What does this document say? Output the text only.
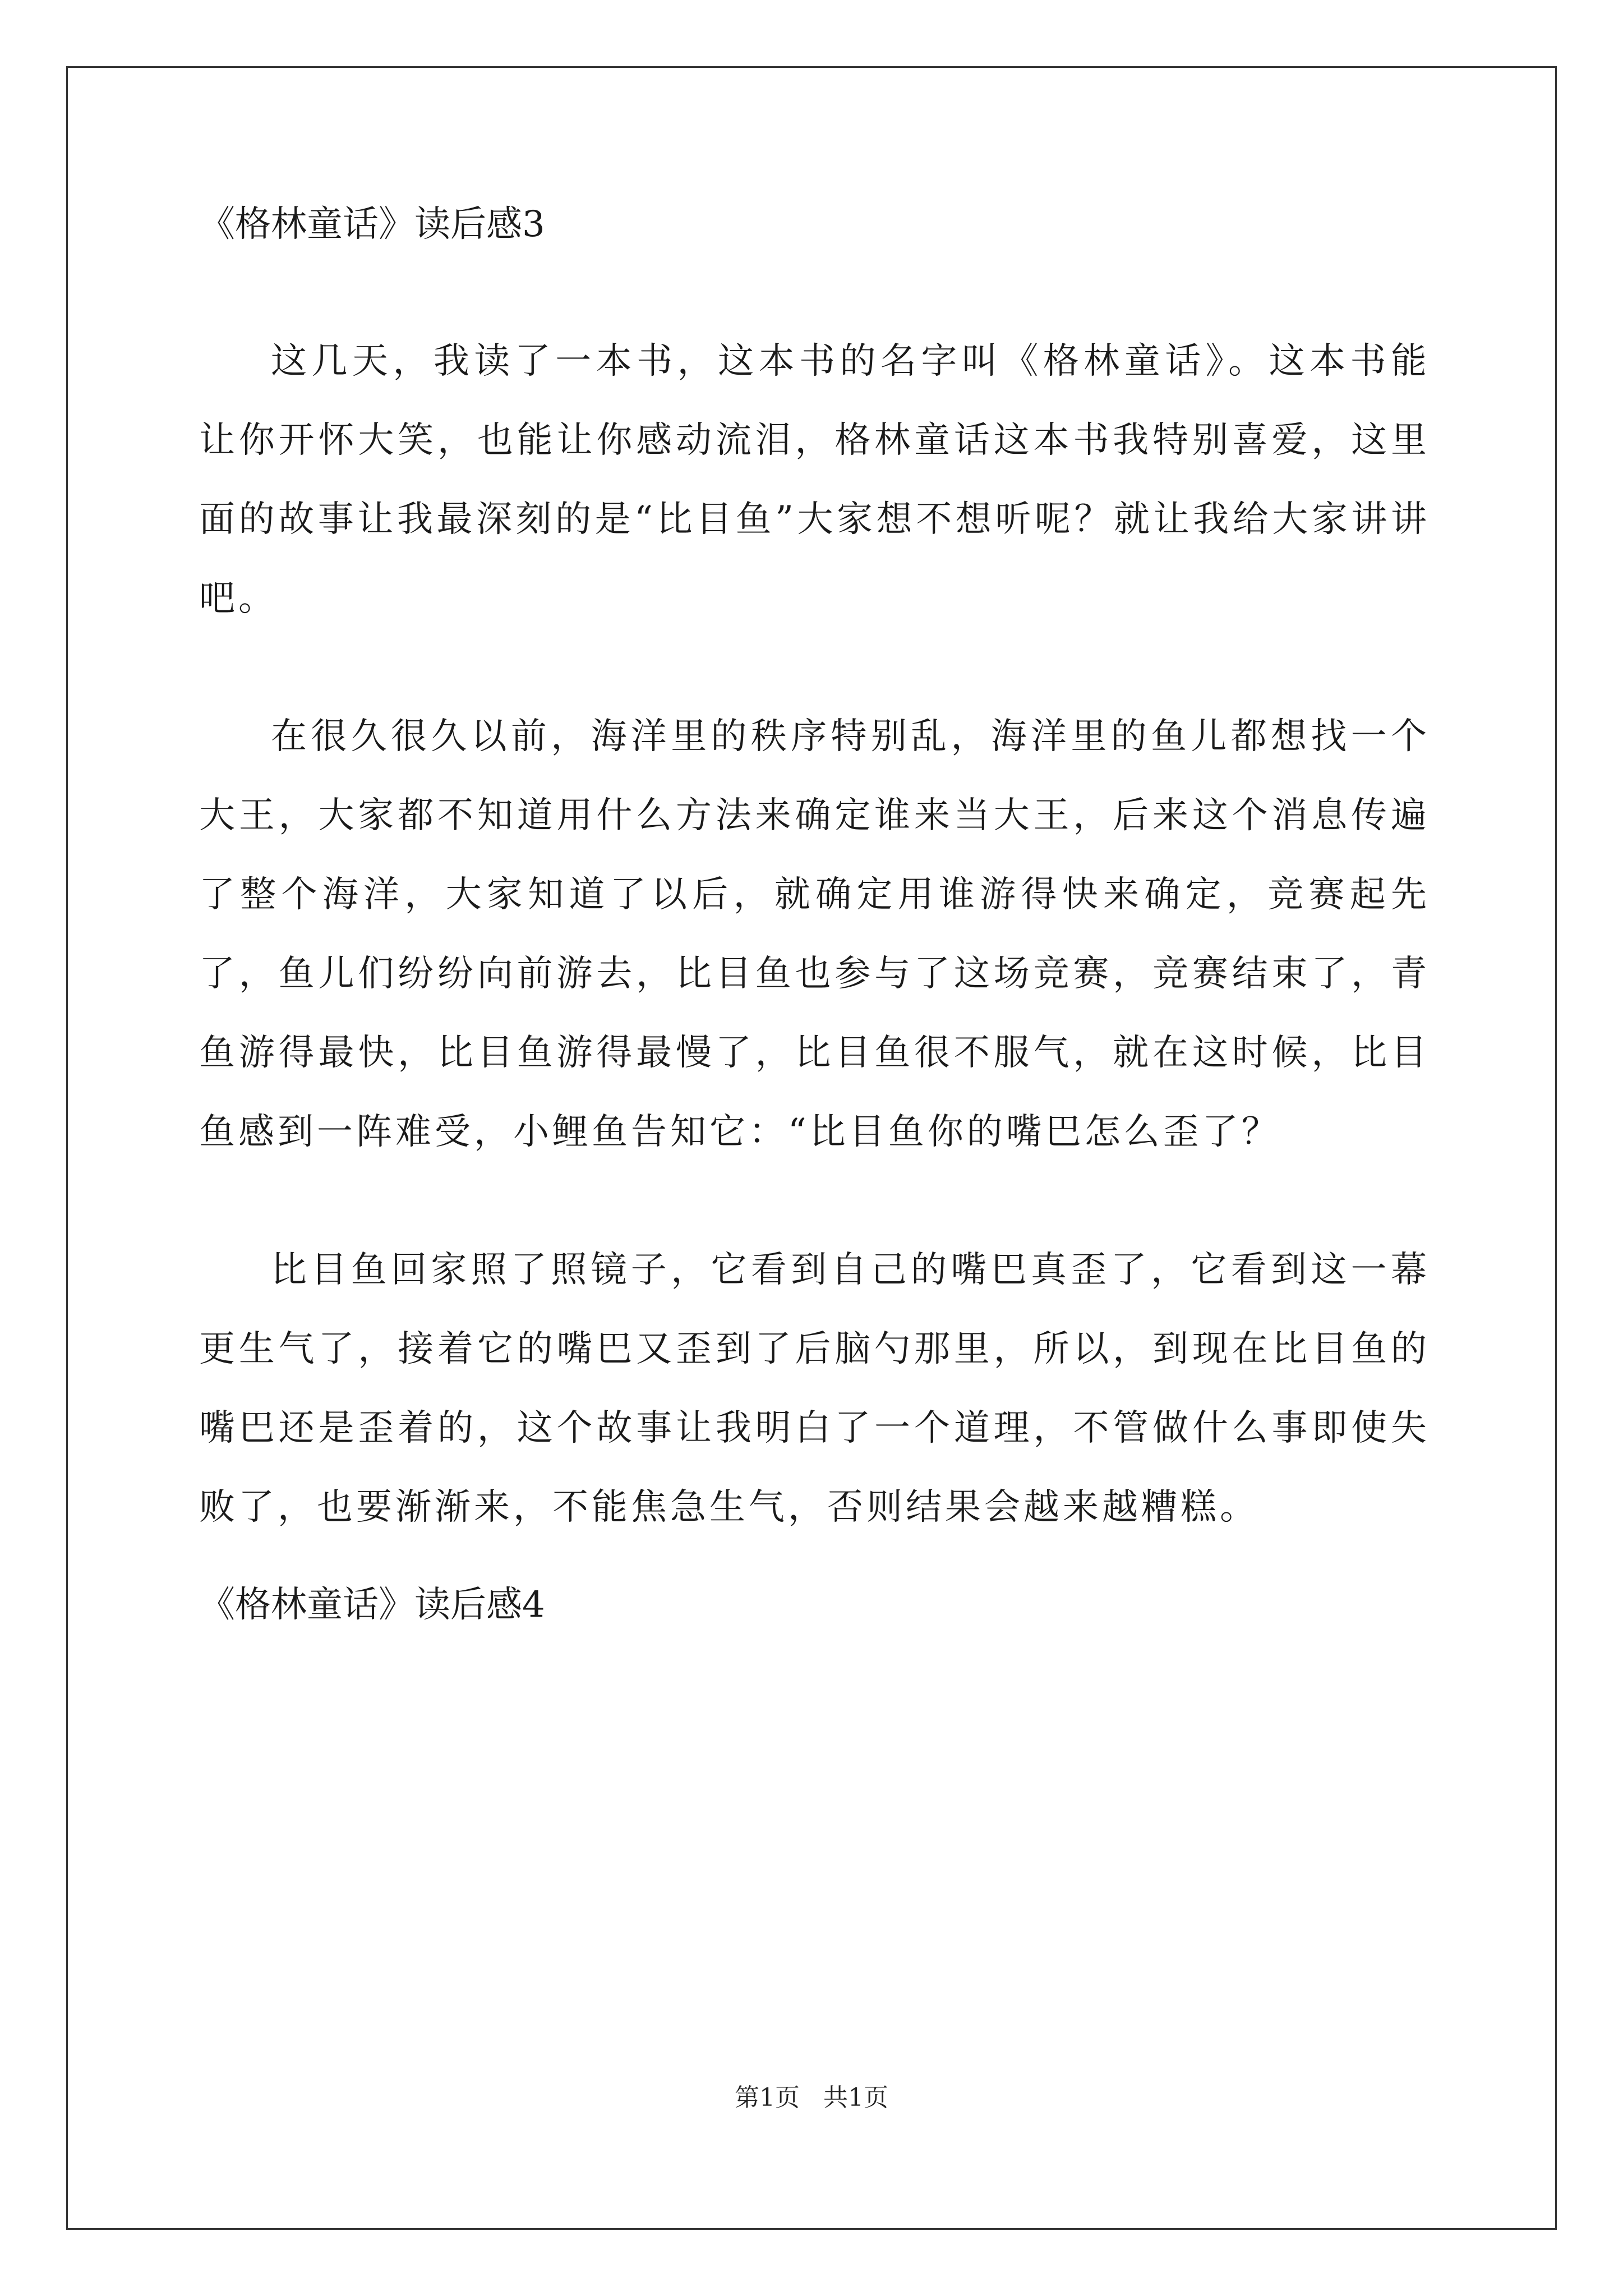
《格林童话》读后感3

这几天，我读了一本书，这本书的名字叫《格林童话》。这本书能让你开怀大笑，也能让你感动流泪，格林童话这本书我特别喜爱，这里面的故事让我最深刻的是“比目鱼”大家想不想听呢？就让我给大家讲讲吧。

在很久很久以前，海洋里的秩序特别乱，海洋里的鱼儿都想找一个大王，大家都不知道用什么方法来确定谁来当大王，后来这个消息传遍了整个海洋，大家知道了以后，就确定用谁游得快来确定，竞赛起先了，鱼儿们纷纷向前游去，比目鱼也参与了这场竞赛，竞赛结束了，青鱼游得最快，比目鱼游得最慢了，比目鱼很不服气，就在这时候，比目鱼感到一阵难受，小鲤鱼告知它：“比目鱼你的嘴巴怎么歪了？

比目鱼回家照了照镜子，它看到自己的嘴巴真歪了，它看到这一幕更生气了，接着它的嘴巴又歪到了后脑勺那里，所以，到现在比目鱼的嘴巴还是歪着的，这个故事让我明白了一个道理，不管做什么事即使失败了，也要渐渐来，不能焦急生气，否则结果会越来越糟糕。

《格林童话》读后感4

第1页 共1页
